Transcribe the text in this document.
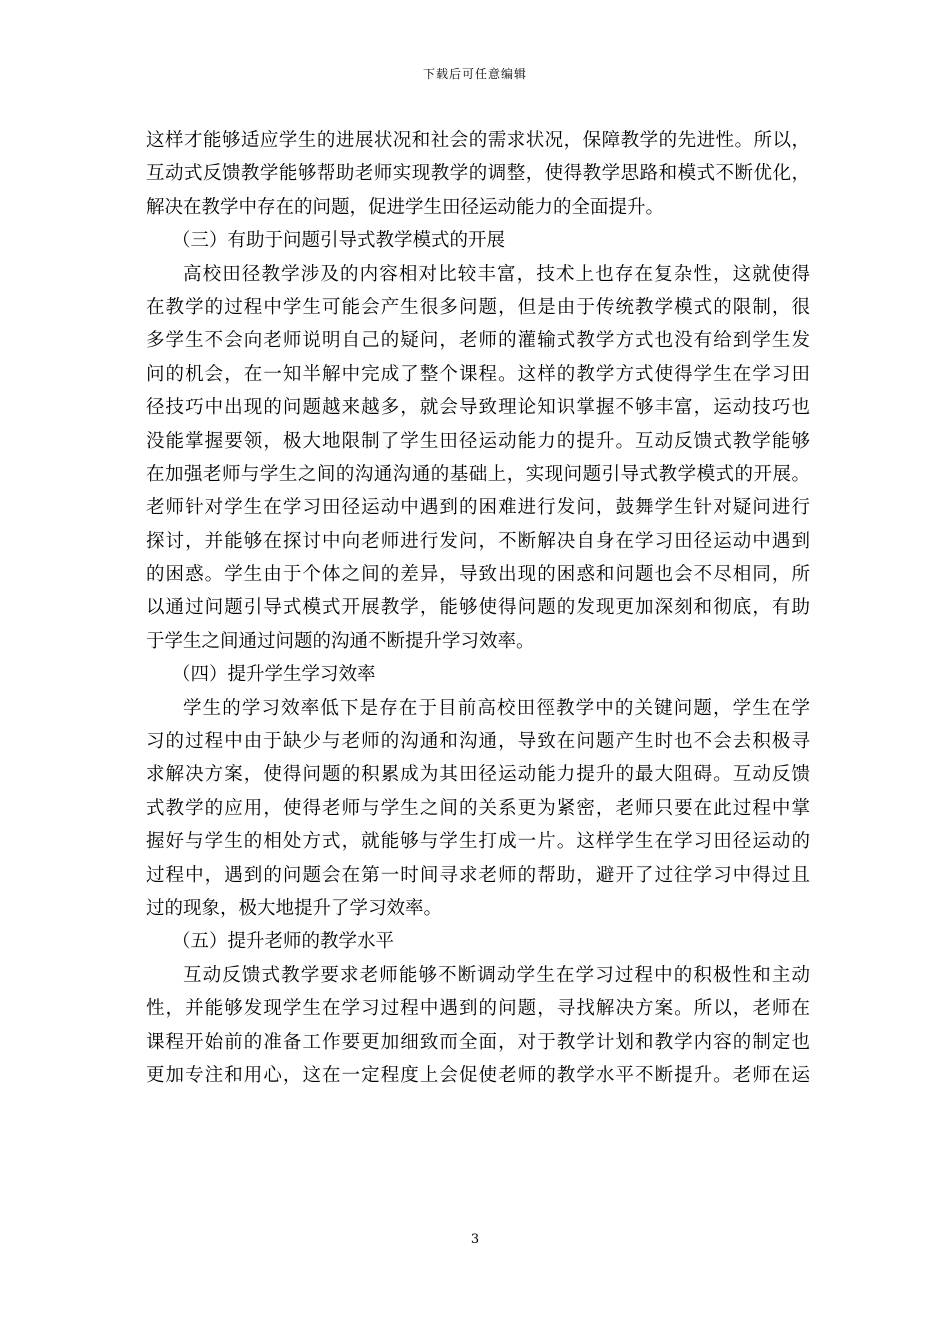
下载后可任意编辑
这样才能够适应学生的进展状况和社会的需求状况，保障教学的先进性。所以，
互动式反馈教学能够帮助老师实现教学的调整，使得教学思路和模式不断优化，
解决在教学中存在的问题，促进学生田径运动能力的全面提升。
（三）有助于问题引导式教学模式的开展
高校田径教学涉及的内容相对比较丰富，技术上也存在复杂性，这就使得
在教学的过程中学生可能会产生很多问题，但是由于传统教学模式的限制，很
多学生不会向老师说明自己的疑问，老师的灌输式教学方式也没有给到学生发
问的机会，在一知半解中完成了整个课程。这样的教学方式使得学生在学习田
径技巧中出现的问题越来越多，就会导致理论知识掌握不够丰富，运动技巧也
没能掌握要领，极大地限制了学生田径运动能力的提升。互动反馈式教学能够
在加强老师与学生之间的沟通沟通的基础上，实现问题引导式教学模式的开展。
老师针对学生在学习田径运动中遇到的困难进行发问，鼓舞学生针对疑问进行
探讨，并能够在探讨中向老师进行发问，不断解决自身在学习田径运动中遇到
的困惑。学生由于个体之间的差异，导致出现的困惑和问题也会不尽相同，所
以通过问题引导式模式开展教学，能够使得问题的发现更加深刻和彻底，有助
于学生之间通过问题的沟通不断提升学习效率。
（四）提升学生学习效率
学生的学习效率低下是存在于目前高校田徑教学中的关键问题，学生在学
习的过程中由于缺少与老师的沟通和沟通，导致在问题产生时也不会去积极寻
求解决方案，使得问题的积累成为其田径运动能力提升的最大阻碍。互动反馈
式教学的应用，使得老师与学生之间的关系更为紧密，老师只要在此过程中掌
握好与学生的相处方式，就能够与学生打成一片。这样学生在学习田径运动的
过程中，遇到的问题会在第一时间寻求老师的帮助，避开了过往学习中得过且
过的现象，极大地提升了学习效率。
（五）提升老师的教学水平
互动反馈式教学要求老师能够不断调动学生在学习过程中的积极性和主动
性，并能够发现学生在学习过程中遇到的问题，寻找解决方案。所以，老师在
课程开始前的准备工作要更加细致而全面，对于教学计划和教学内容的制定也
更加专注和用心，这在一定程度上会促使老师的教学水平不断提升。老师在运
3
